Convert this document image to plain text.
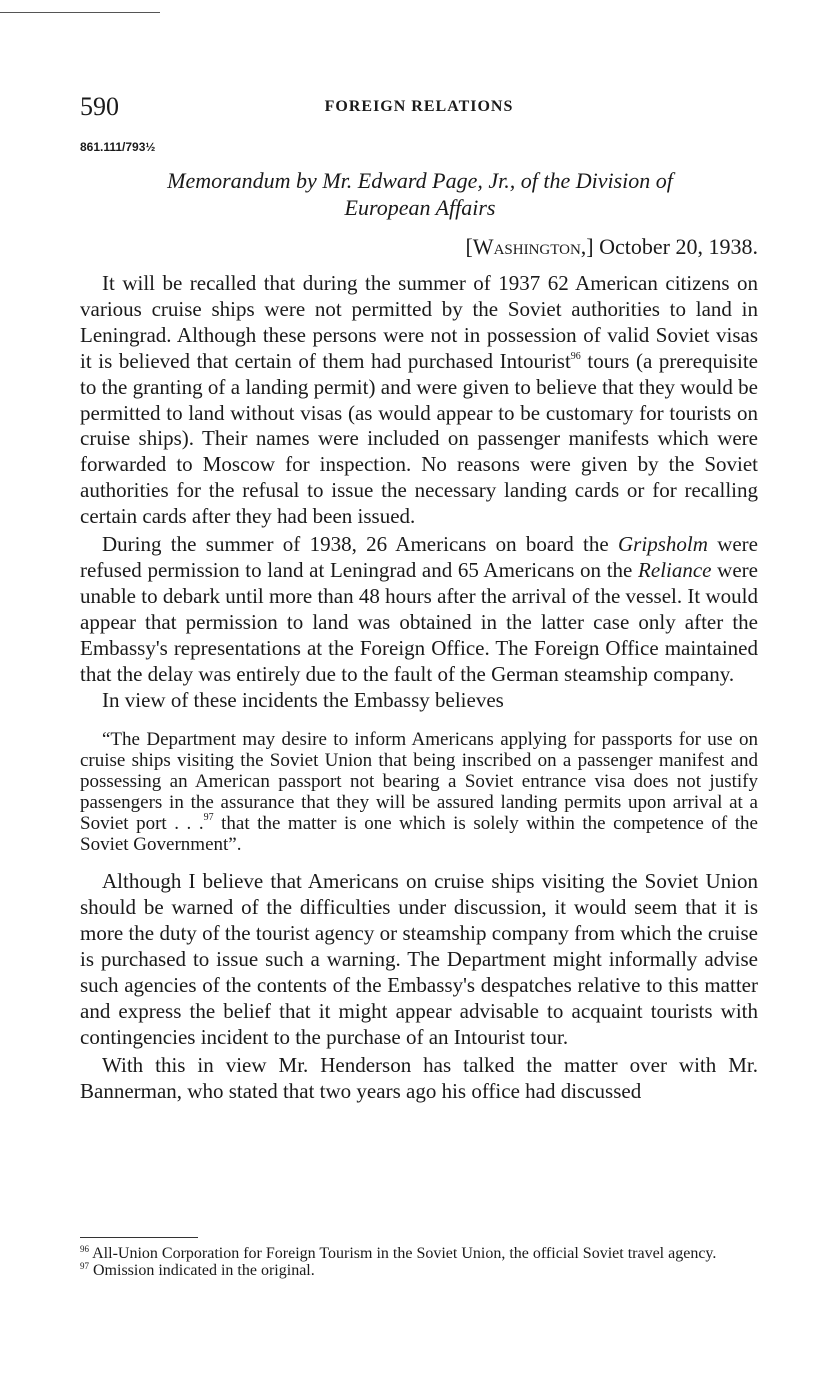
590	FOREIGN RELATIONS
861.111/793½
Memorandum by Mr. Edward Page, Jr., of the Division of
European Affairs
[Washington,] October 20, 1938.

It will be recalled that during the summer of 1937 62 American citizens on various cruise ships were not permitted by the Soviet authorities to land in Leningrad. Although these persons were not in possession of valid Soviet visas it is believed that certain of them had purchased Intourist$^{96}$ tours (a prerequisite to the granting of a landing permit) and were given to believe that they would be permitted to land without visas (as would appear to be customary for tourists on cruise ships). Their names were included on passenger manifests which were forwarded to Moscow for inspection. No reasons were given by the Soviet authorities for the refusal to issue the necessary landing cards or for recalling certain cards after they had been issued.

During the summer of 1938, 26 Americans on board the Gripsholm were refused permission to land at Leningrad and 65 Americans on the Reliance were unable to debark until more than 48 hours after the arrival of the vessel. It would appear that permission to land was obtained in the latter case only after the Embassy's representations at the Foreign Office. The Foreign Office maintained that the delay was entirely due to the fault of the German steamship company.

In view of these incidents the Embassy believes

“The Department may desire to inform Americans applying for passports for use on cruise ships visiting the Soviet Union that being inscribed on a passenger manifest and possessing an American passport not bearing a Soviet entrance visa does not justify passengers in the assurance that they will be assured landing permits upon arrival at a Soviet port . . .$^{97}$ that the matter is one which is solely within the competence of the Soviet Government”.

Although I believe that Americans on cruise ships visiting the Soviet Union should be warned of the difficulties under discussion, it would seem that it is more the duty of the tourist agency or steamship company from which the cruise is purchased to issue such a warning. The Department might informally advise such agencies of the contents of the Embassy's despatches relative to this matter and express the belief that it might appear advisable to acquaint tourists with contingencies incident to the purchase of an Intourist tour.

With this in view Mr. Henderson has talked the matter over with Mr. Bannerman, who stated that two years ago his office had discussed

$^{96}$ All-Union Corporation for Foreign Tourism in the Soviet Union, the official Soviet travel agency.

$^{97}$ Omission indicated in the original.
